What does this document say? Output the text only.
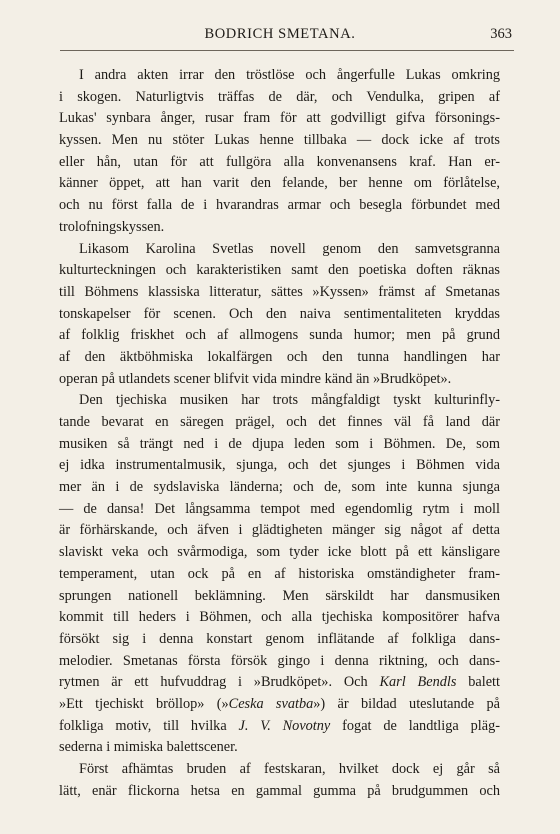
BODRICH SMETANA.	363

I andra akten irrar den tröstlöse och ångerfulle Lukas omkring

i skogen. Naturligtvis träffas de där, och Vendulka, gripen af

Lukas' synbara ånger, rusar fram för att godvilligt gifva försonings-

kyssen. Men nu stöter Lukas henne tillbaka — dock icke af trots

eller hån, utan för att fullgöra alla konvenansens kraf. Han er-

känner öppet, att han varit den felande, ber henne om förlåtelse,

och nu först falla de i hvarandras armar och besegla förbundet med

trolofningskyssen.

Likasom Karolina Svetlas novell genom den samvetsgranna

kulturteckningen och karakteristiken samt den poetiska doften räknas

till Böhmens klassiska litteratur, sättes »Kyssen» främst af Smetanas

tonskapelser för scenen. Och den naiva sentimentaliteten kryddas

af folklig friskhet och af allmogens sunda humor; men på grund

af den äktböhmiska lokalfärgen och den tunna handlingen har

operan på utlandets scener blifvit vida mindre känd än »Brudköpet».

Den tjechiska musiken har trots mångfaldigt tyskt kulturinfly-

tande bevarat en säregen prägel, och det finnes väl få land där

musiken så trängt ned i de djupa leden som i Böhmen. De, som

ej idka instrumentalmusik, sjunga, och det sjunges i Böhmen vida

mer än i de sydslaviska länderna; och de, som inte kunna sjunga

— de dansa! Det långsamma tempot med egendomlig rytm i moll

är förhärskande, och äfven i glädtigheten mänger sig något af detta

slaviskt veka och svårmodiga, som tyder icke blott på ett känsligare

temperament, utan ock på en af historiska omständigheter fram-

sprungen nationell beklämning. Men särskildt har dansmusiken

kommit till heders i Böhmen, och alla tjechiska kompositörer hafva

försökt sig i denna konstart genom inflätande af folkliga dans-

melodier. Smetanas första försök gingo i denna riktning, och dans-

rytmen är ett hufvuddrag i »Brudköpet». Och Karl Bendls balett

»Ett tjechiskt bröllop» (»Ceska svatba») är bildad uteslutande på

folkliga motiv, till hvilka J. V. Novotny fogat de landtliga pläg-

sederna i mimiska balettscener.

Först afhämtas bruden af festskaran, hvilket dock ej går så

lätt, enär flickorna hetsa en gammal gumma på brudgummen och
